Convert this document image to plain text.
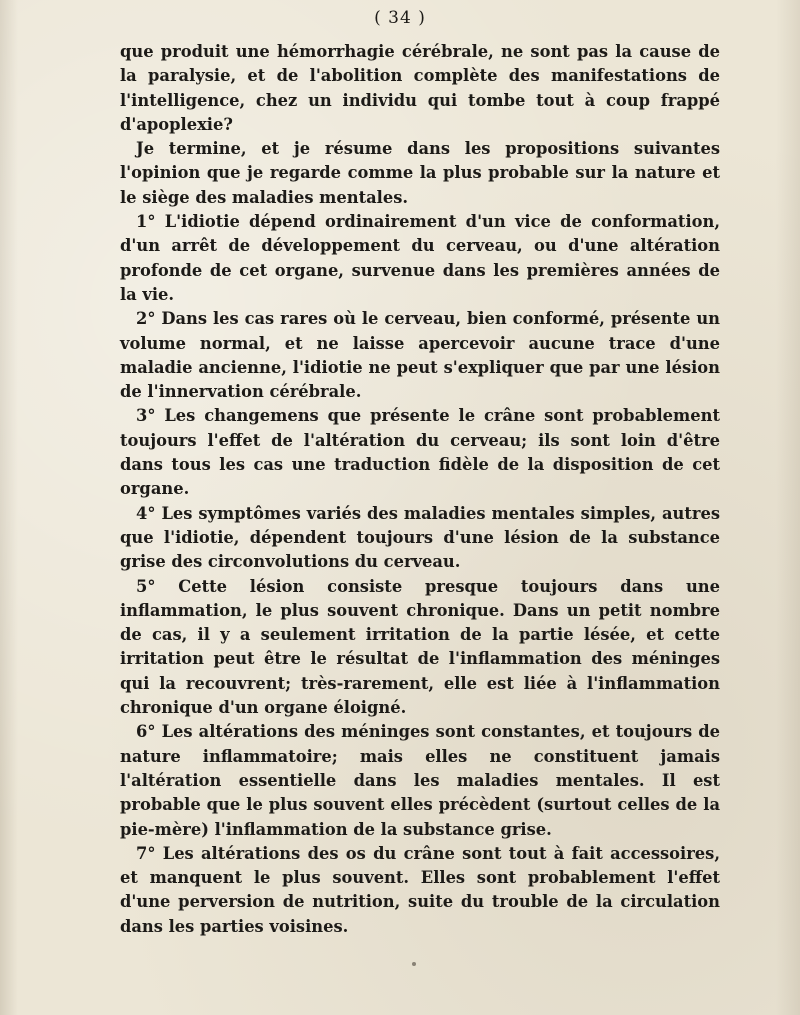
( 34 )

que produit une hémorrhagie cérébrale, ne sont pas la cause de la paralysie, et de l'abolition complète des manifestations de l'intelligence, chez un individu qui tombe tout à coup frappé d'apoplexie?

Je termine, et je résume dans les propositions suivantes l'opinion que je regarde comme la plus probable sur la nature et le siège des maladies mentales.

1° L'idiotie dépend ordinairement d'un vice de conformation, d'un arrêt de développement du cerveau, ou d'une altération profonde de cet organe, survenue dans les premières années de la vie.

2° Dans les cas rares où le cerveau, bien conformé, présente un volume normal, et ne laisse apercevoir aucune trace d'une maladie ancienne, l'idiotie ne peut s'expliquer que par une lésion de l'innervation cérébrale.

3° Les changemens que présente le crâne sont probablement toujours l'effet de l'altération du cerveau; ils sont loin d'être dans tous les cas une traduction fidèle de la disposition de cet organe.

4° Les symptômes variés des maladies mentales simples, autres que l'idiotie, dépendent toujours d'une lésion de la substance grise des circonvolutions du cerveau.

5° Cette lésion consiste presque toujours dans une inflammation, le plus souvent chronique. Dans un petit nombre de cas, il y a seulement irritation de la partie lésée, et cette irritation peut être le résultat de l'inflammation des méninges qui la recouvrent; très-rarement, elle est liée à l'inflammation chronique d'un organe éloigné.

6° Les altérations des méninges sont constantes, et toujours de nature inflammatoire; mais elles ne constituent jamais l'altération essentielle dans les maladies mentales. Il est probable que le plus souvent elles précèdent (surtout celles de la pie-mère) l'inflammation de la substance grise.

7° Les altérations des os du crâne sont tout à fait accessoires, et manquent le plus souvent. Elles sont probablement l'effet d'une perversion de nutrition, suite du trouble de la circulation dans les parties voisines.
